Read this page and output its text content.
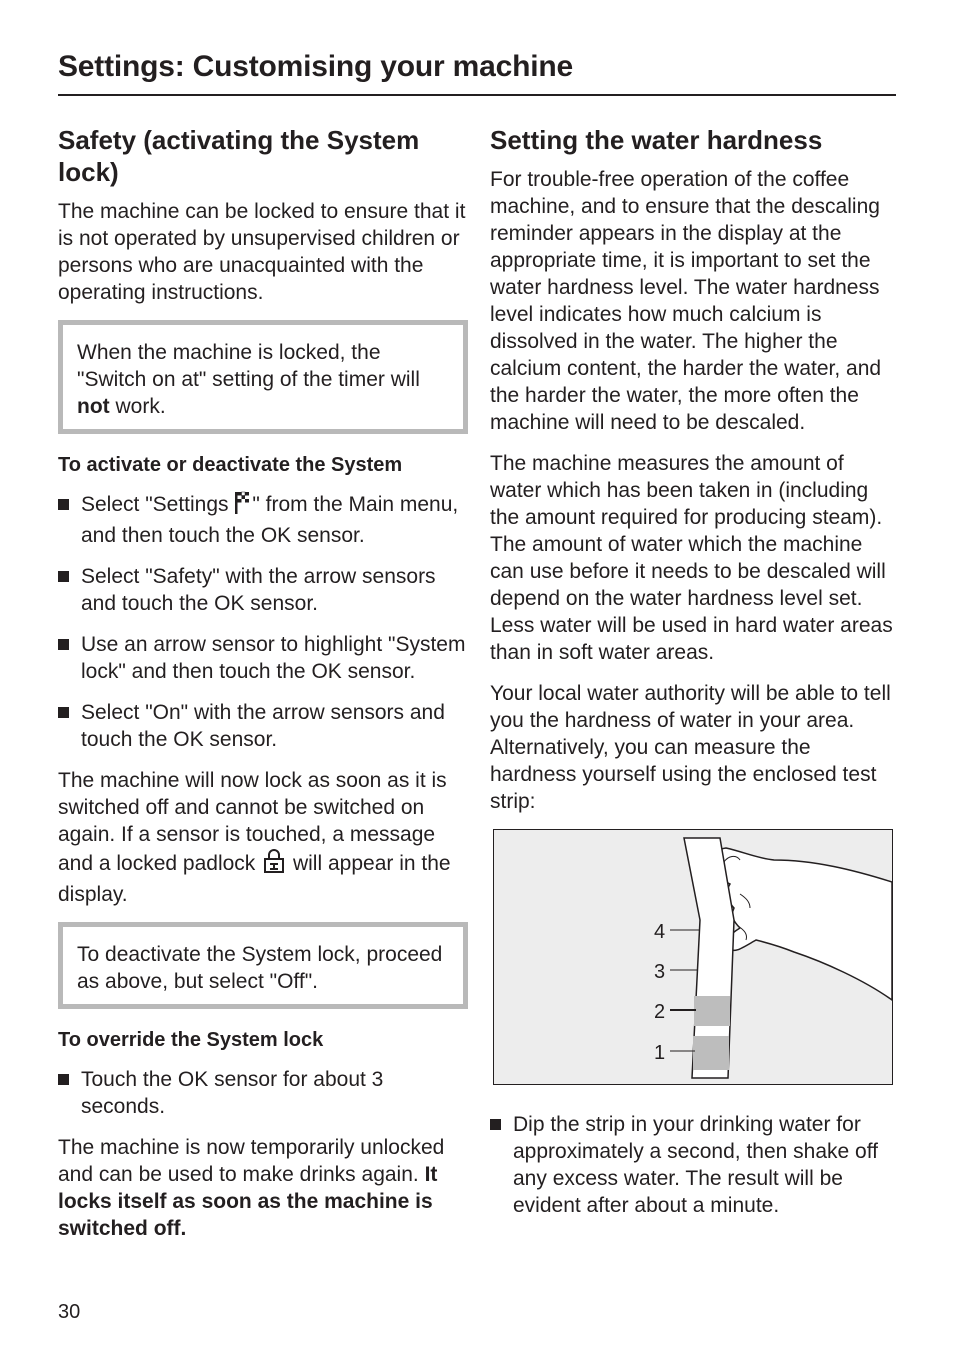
Settings: Customising your machine
Safety (activating the System lock)
The machine can be locked to ensure that it is not operated by unsupervised children or persons who are unacquainted with the operating instructions.
When the machine is locked, the "Switch on at" setting of the timer will not work.
To activate or deactivate the System
Select "Settings " from the Main menu, and then touch the OK sensor.
Select "Safety" with the arrow sensors and touch the OK sensor.
Use an arrow sensor to highlight "System lock" and then touch the OK sensor.
Select "On" with the arrow sensors and touch the OK sensor.
The machine will now lock as soon as it is switched off and cannot be switched on again. If a sensor is touched, a message and a locked padlock  will appear in the display.
To deactivate the System lock, proceed as above, but select "Off".
To override the System lock
Touch the OK sensor for about 3 seconds.
The machine is now temporarily unlocked and can be used to make drinks again. It locks itself as soon as the machine is switched off.
Setting the water hardness
For trouble-free operation of the coffee machine, and to ensure that the descaling reminder appears in the display at the appropriate time, it is important to set the water hardness level. The water hardness level indicates how much calcium is dissolved in the water. The higher the calcium content, the harder the water, and the harder the water, the more often the machine will need to be descaled.
The machine measures the amount of water which has been taken in (including the amount required for producing steam). The amount of water which the machine can use before it needs to be descaled will depend on the water hardness level set. Less water will be used in hard water areas than in soft water areas.
Your local water authority will be able to tell you the hardness of water in your area. Alternatively, you can measure the hardness yourself using the enclosed test strip:
4
3
2
1
Dip the strip in your drinking water for approximately a second, then shake off any excess water. The result will be evident after about a minute.
30
